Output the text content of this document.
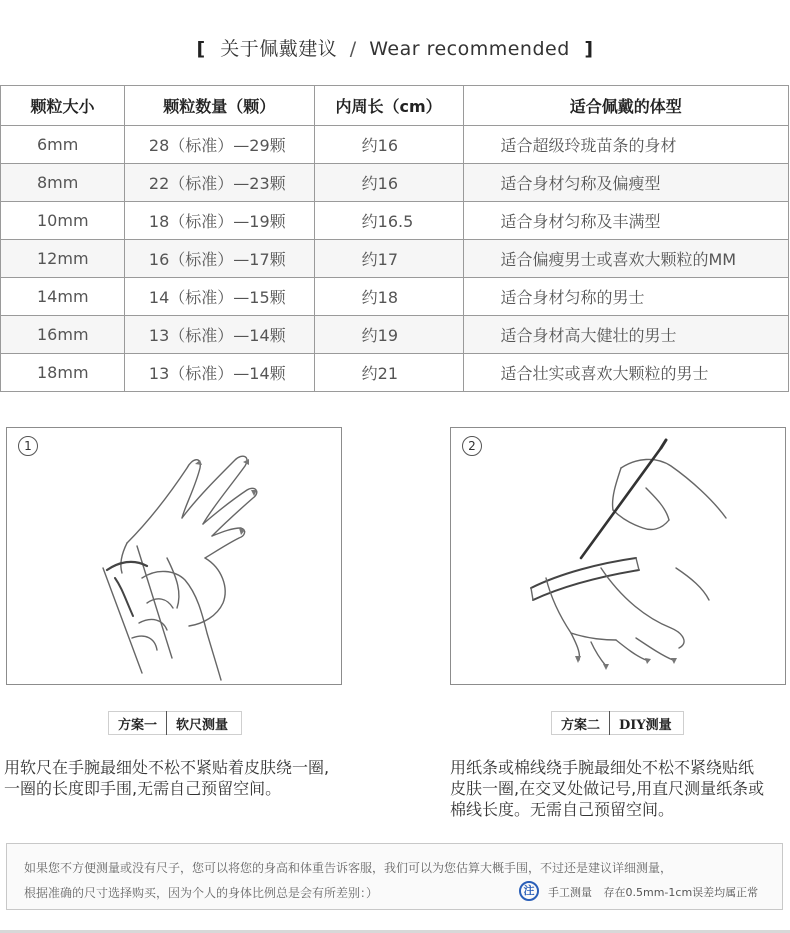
[ 关于佩戴建议 / Wear recommended ]
颗粒大小	颗粒数量（颗）	内周长（cm）	适合佩戴的体型
6mm	28（标准）—29颗	约16	适合超级玲珑苗条的身材
8mm	22（标准）—23颗	约16	适合身材匀称及偏瘦型
10mm	18（标准）—19颗	约16.5	适合身材匀称及丰满型
12mm	16（标准）—17颗	约17	适合偏瘦男士或喜欢大颗粒的MM
14mm	14（标准）—15颗	约18	适合身材匀称的男士
16mm	13（标准）—14颗	约19	适合身材高大健壮的男士
18mm	13（标准）—14颗	约21	适合壮实或喜欢大颗粒的男士
1	2
方案一	软尺测量	方案二	DIY测量
用软尺在手腕最细处不松不紧贴着皮肤绕一圈,
一圈的长度即手围,无需自己预留空间。
用纸条或棉线绕手腕最细处不松不紧绕贴纸
皮肤一圈,在交叉处做记号,用直尺测量纸条或
棉线长度。无需自己预留空间。
如果您不方便测量或没有尺子，您可以将您的身高和体重告诉客服，我们可以为您估算大概手围，不过还是建议详细测量，
根据准确的尺寸选择购买，因为个人的身体比例总是会有所差别：）	注	手工测量 存在0.5mm-1cm误差均属正常
